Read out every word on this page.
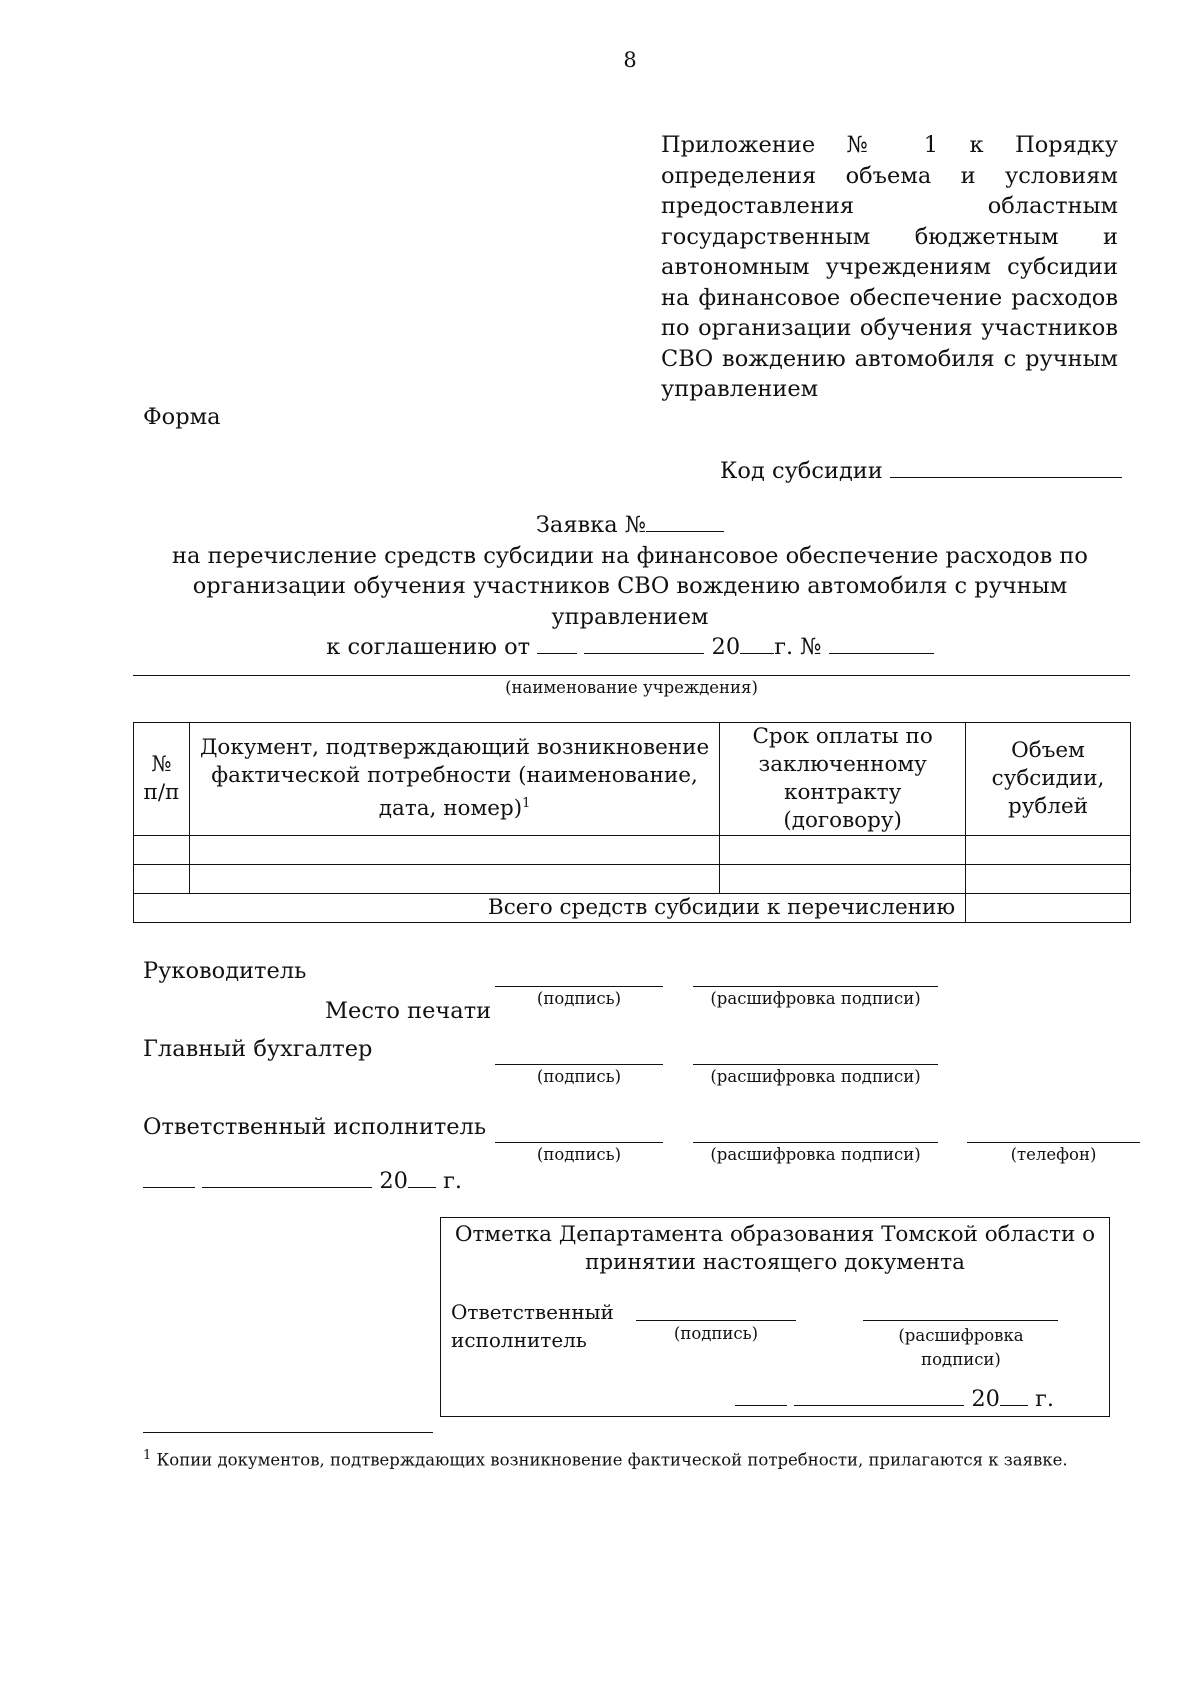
8
Приложение № 1 к Порядку определения объема и условиям предоставления областным государственным бюджетным и автономным учреждениям субсидии на финансовое обеспечение расходов по организации обучения участников СВО вождению автомобиля с ручным управлением
Форма
Код субсидии
Заявка №
на перечисление средств субсидии на финансовое обеспечение расходов по
организации обучения участников СВО вождению автомобиля с ручным управлением
к соглашению от	20 г. №
(наименование учреждения)
№ п/п	Документ, подтверждающий возникновение фактической потребности (наименование, дата, номер)$^1$	Срок оплаты по заключенному контракту (договору)	Объем субсидии, рублей

Всего средств субсидии к перечислению			
Руководитель
(подпись)	(расшифровка подписи)
Место печати
Главный бухгалтер
(подпись)	(расшифровка подписи)
Ответственный исполнитель
(подпись)	(расшифровка подписи)	(телефон)
20 г.
Отметка Департамента образования Томской области о принятии настоящего документа
Ответственный исполнитель	(подпись)	(расшифровка подписи)
20 г.
$^1$ Копии документов, подтверждающих возникновение фактической потребности, прилагаются к заявке.
